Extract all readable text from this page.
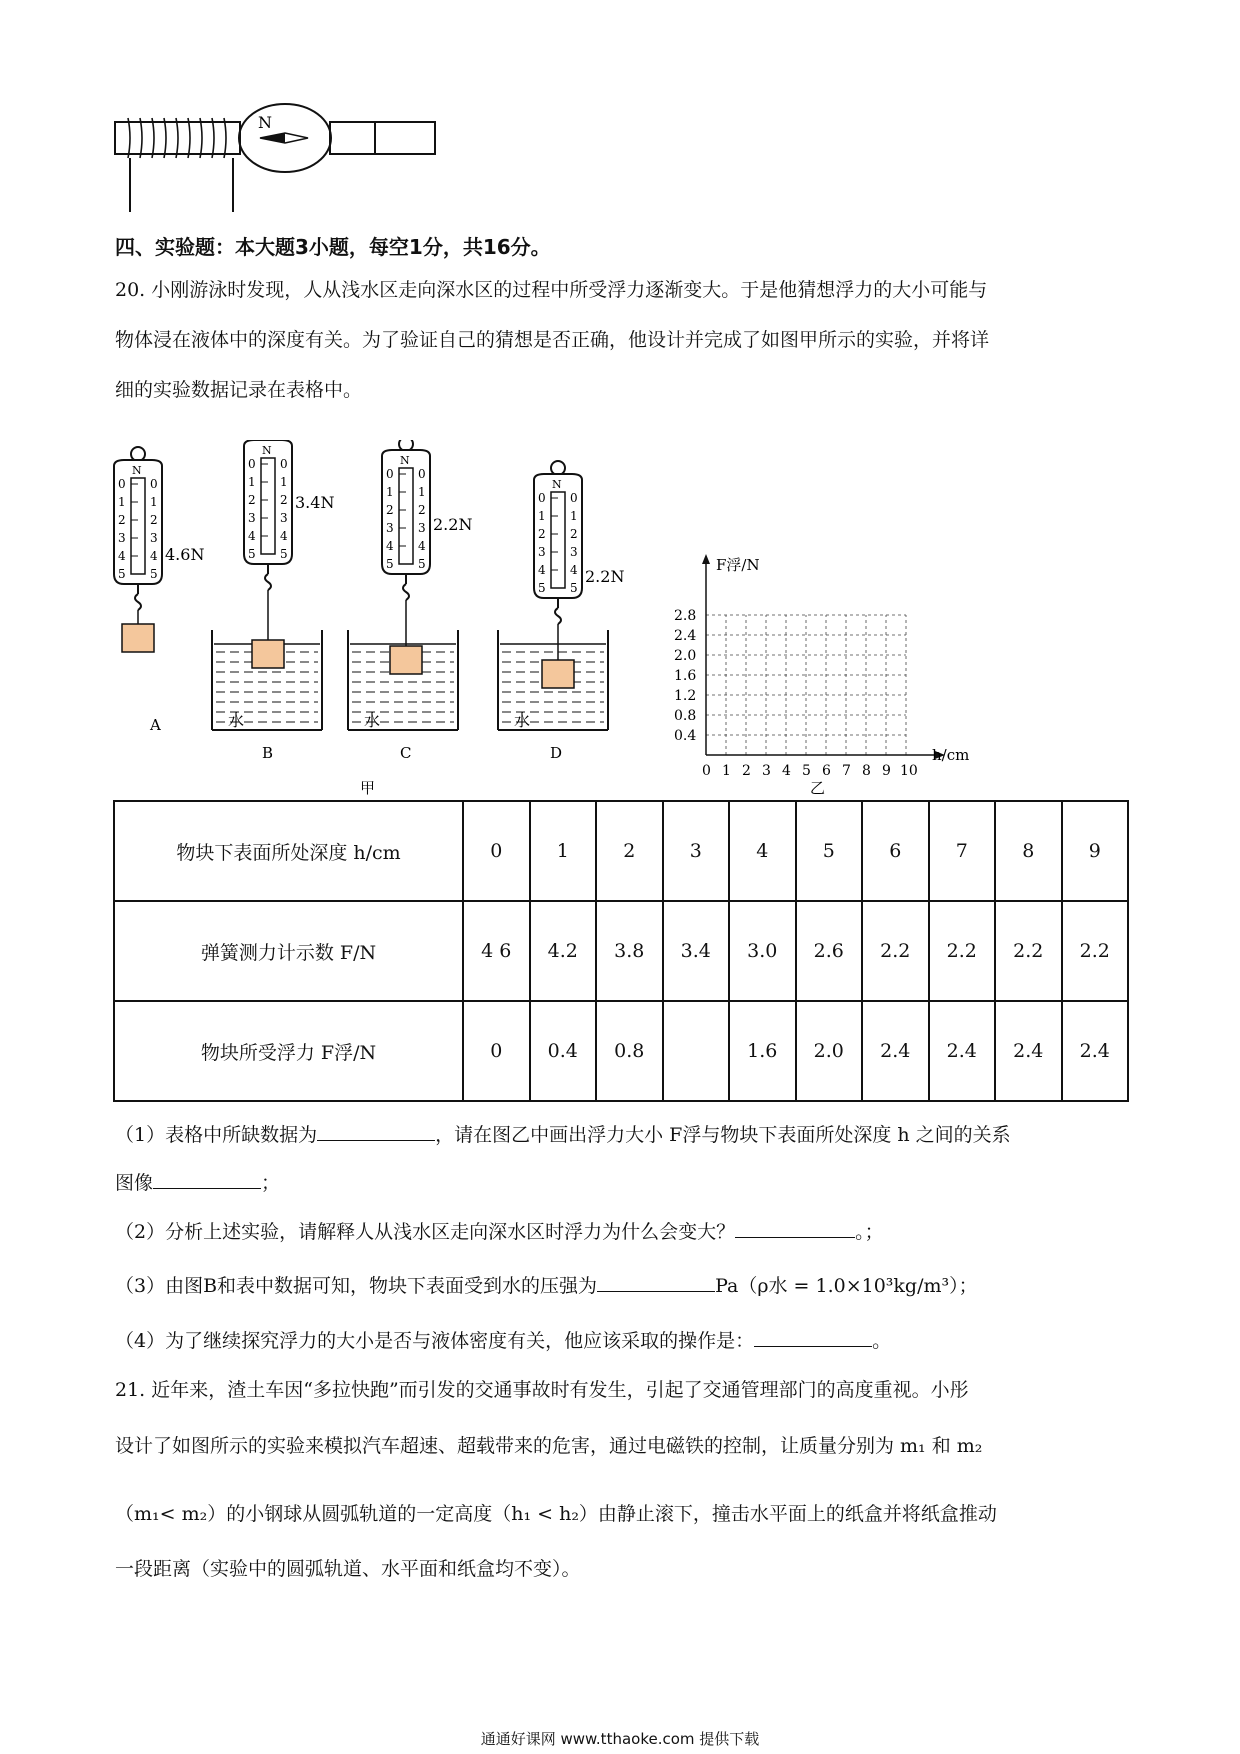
N
四、实验题：本大题3小题，每空1分，共16分。
20. 小刚游泳时发现，人从浅水区走向深水区的过程中所受浮力逐渐变大。于是他猜想浮力的大小可能与
物体浸在液体中的深度有关。为了验证自己的猜想是否正确，他设计并完成了如图甲所示的实验，并将详
细的实验数据记录在表格中。
A
4.6N
N
0 0
1 1
2 2
3 3
4 4
5 5
水
B
3.4N
N
0 0
1 1
2 2
3 3
4 4
5 5
水
C
2.2N
N
0 0
1 1
2 2
3 3
4 4
5 5
水
D
2.2N
N
0 0
1 1
2 2
3 3
4 4
5 5
甲
2.8
2.4
2.0
1.6
1.2
0.8
0.4
0 1 2 3 4 5 6 7 8 9 10
F浮/N
h/cm
乙
物块下表面所处深度 h/cm	0	1	2	3	4	5	6	7	8	9
弹簧测力计示数 F/N	4 6	4.2	3.8	3.4	3.0	2.6	2.2	2.2	2.2	2.2
物块所受浮力 F浮/N	0	0.4	0.8		1.6	2.0	2.4	2.4	2.4	2.4
（1）表格中所缺数据为	，请在图乙中画出浮力大小 F浮与物块下表面所处深度 h 之间的关系
图像	；
（2）分析上述实验，请解释人从浅水区走向深水区时浮力为什么会变大？	。；
（3）由图B和表中数据可知，物块下表面受到水的压强为	Pa（ρ水 = 1.0×10³kg/m³）；
（4）为了继续探究浮力的大小是否与液体密度有关，他应该采取的操作是：	。
21. 近年来，渣土车因“多拉快跑”而引发的交通事故时有发生，引起了交通管理部门的高度重视。小彤
设计了如图所示的实验来模拟汽车超速、超载带来的危害，通过电磁铁的控制，让质量分别为 m₁ 和 m₂
（m₁< m₂）的小钢球从圆弧轨道的一定高度（h₁ < h₂）由静止滚下，撞击水平面上的纸盒并将纸盒推动
一段距离（实验中的圆弧轨道、水平面和纸盒均不变）。
通通好课网 www.tthaoke.com 提供下载
